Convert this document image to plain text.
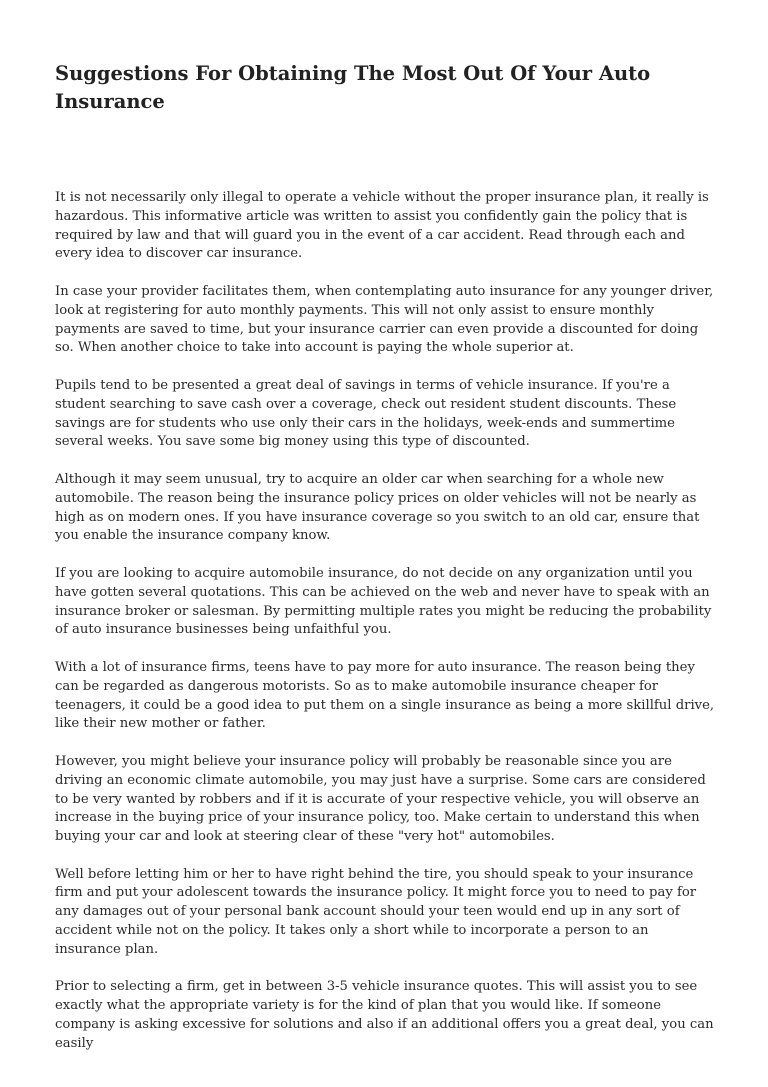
Suggestions For Obtaining The Most Out Of Your Auto Insurance

It is not necessarily only illegal to operate a vehicle without the proper insurance plan, it really is hazardous. This informative article was written to assist you confidently gain the policy that is required by law and that will guard you in the event of a car accident. Read through each and every idea to discover car insurance.

In case your provider facilitates them, when contemplating auto insurance for any younger driver, look at registering for auto monthly payments. This will not only assist to ensure monthly payments are saved to time, but your insurance carrier can even provide a discounted for doing so. When another choice to take into account is paying the whole superior at.

Pupils tend to be presented a great deal of savings in terms of vehicle insurance. If you're a student searching to save cash over a coverage, check out resident student discounts. These savings are for students who use only their cars in the holidays, week-ends and summertime several weeks. You save some big money using this type of discounted.

Although it may seem unusual, try to acquire an older car when searching for a whole new automobile. The reason being the insurance policy prices on older vehicles will not be nearly as high as on modern ones. If you have insurance coverage so you switch to an old car, ensure that you enable the insurance company know.

If you are looking to acquire automobile insurance, do not decide on any organization until you have gotten several quotations. This can be achieved on the web and never have to speak with an insurance broker or salesman. By permitting multiple rates you might be reducing the probability of auto insurance businesses being unfaithful you.

With a lot of insurance firms, teens have to pay more for auto insurance. The reason being they can be regarded as dangerous motorists. So as to make automobile insurance cheaper for teenagers, it could be a good idea to put them on a single insurance as being a more skillful drive, like their new mother or father.

However, you might believe your insurance policy will probably be reasonable since you are driving an economic climate automobile, you may just have a surprise. Some cars are considered to be very wanted by robbers and if it is accurate of your respective vehicle, you will observe an increase in the buying price of your insurance policy, too. Make certain to understand this when buying your car and look at steering clear of these "very hot" automobiles.

Well before letting him or her to have right behind the tire, you should speak to your insurance firm and put your adolescent towards the insurance policy. It might force you to need to pay for any damages out of your personal bank account should your teen would end up in any sort of accident while not on the policy. It takes only a short while to incorporate a person to an insurance plan.

Prior to selecting a firm, get in between 3-5 vehicle insurance quotes. This will assist you to see exactly what the appropriate variety is for the kind of plan that you would like. If someone company is asking excessive for solutions and also if an additional offers you a great deal, you can easily
